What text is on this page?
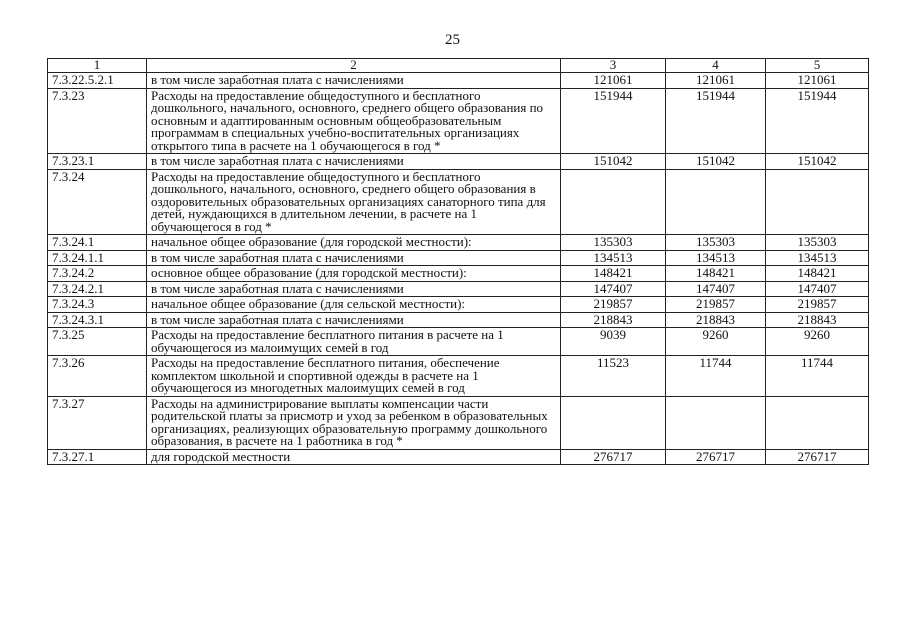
25
1	2	3	4	5
7.3.22.5.2.1	в том числе заработная плата с начислениями	121061	121061	121061
7.3.23	Расходы на предоставление общедоступного и бесплатного дошкольного, начального, основного, среднего общего образования по основным и адаптированным основным общеобразовательным программам в специальных учебно-воспитательных организациях открытого типа в расчете на 1 обучающегося в год *	151944	151944	151944
7.3.23.1	в том числе заработная плата с начислениями	151042	151042	151042
7.3.24	Расходы на предоставление общедоступного и бесплатного дошкольного, начального, основного, среднего общего образования в оздоровительных образовательных организациях санаторного типа для детей, нуждающихся в длительном лечении, в расчете на 1 обучающегося в год *			
7.3.24.1	начальное общее образование (для городской местности):	135303	135303	135303
7.3.24.1.1	в том числе заработная плата с начислениями	134513	134513	134513
7.3.24.2	основное общее образование (для городской местности):	148421	148421	148421
7.3.24.2.1	в том числе заработная плата с начислениями	147407	147407	147407
7.3.24.3	начальное общее образование (для сельской местности):	219857	219857	219857
7.3.24.3.1	в том числе заработная плата с начислениями	218843	218843	218843
7.3.25	Расходы на предоставление бесплатного питания в расчете на 1 обучающегося из малоимущих семей в год	9039	9260	9260
7.3.26	Расходы на предоставление бесплатного питания, обеспечение комплектом школьной и спортивной одежды в расчете на 1 обучающегося из многодетных малоимущих семей в год	11523	11744	11744
7.3.27	Расходы на администрирование выплаты компенсации части родительской платы за присмотр и уход за ребенком в образовательных организациях, реализующих образовательную программу дошкольного образования, в расчете на 1 работника в год *			
7.3.27.1	для городской местности	276717	276717	276717
